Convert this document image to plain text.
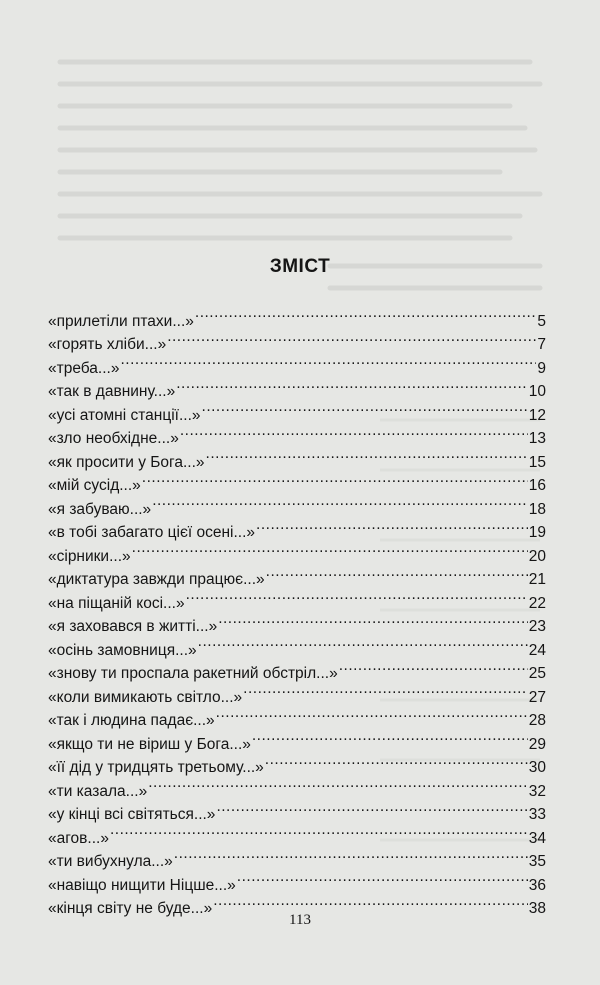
ЗМІСТ
«прилетіли птахи...» .....	5
«горять хліби...» .....	7
«треба...» .....	9
«так в давнину...» .....	10
«усі атомні станції...» .....	12
«зло необхідне...» .....	13
«як просити у Бога...» .....	15
«мій сусід...» .....	16
«я забуваю...» .....	18
«в тобі забагато цієї осені...» .....	19
«сірники...» .....	20
«диктатура завжди працює...» .....	21
«на піщаній косі...» .....	22
«я заховався в житті...» .....	23
«осінь замовниця...» .....	24
«знову ти проспала ракетний обстріл...» .....	25
«коли вимикають світло...» .....	27
«так і людина падає...» .....	28
«якщо ти не віриш у Бога...» .....	29
«її дід у тридцять третьому...» .....	30
«ти казала...» .....	32
«у кінці всі світяться...» .....	33
«агов...» .....	34
«ти вибухнула...» .....	35
«навіщо нищити Ніцше...» .....	36
«кінця світу не буде...» .....	38
113
